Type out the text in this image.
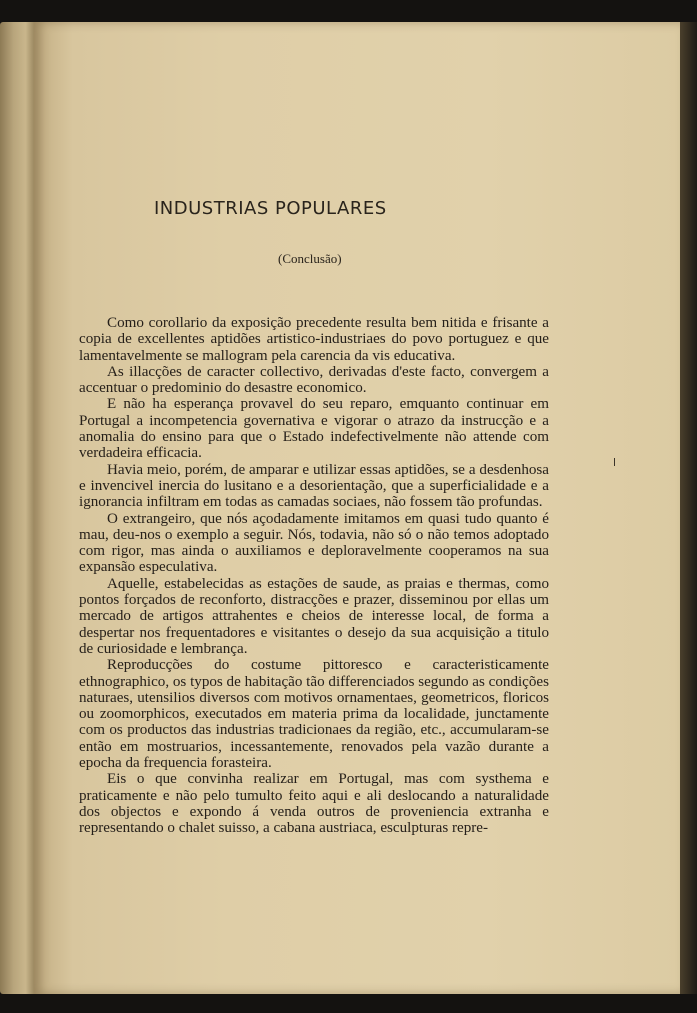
INDUSTRIAS POPULARES
(Conclusão)

Como corollario da exposição precedente resulta bem nitida e frisante a copia de excellentes aptidões artistico-industriaes do povo portuguez e que lamentavelmente se mallogram pela carencia da vis educativa.

As illacções de caracter collectivo, derivadas d'este facto, convergem a accentuar o predominio do desastre economico.

E não ha esperança provavel do seu reparo, emquanto continuar em Portugal a incompetencia governativa e vigorar o atrazo da instrucção e a anomalia do ensino para que o Estado indefectivelmente não attende com verdadeira efficacia.

Havia meio, porém, de amparar e utilizar essas aptidões, se a desdenhosa e invencivel inercia do lusitano e a desorientação, que a superficialidade e a ignorancia infiltram em todas as camadas sociaes, não fossem tão profundas.

O extrangeiro, que nós açodadamente imitamos em quasi tudo quanto é mau, deu-nos o exemplo a seguir. Nós, todavia, não só o não temos adoptado com rigor, mas ainda o auxiliamos e deploravelmente cooperamos na sua expansão especulativa.

Aquelle, estabelecidas as estações de saude, as praias e thermas, como pontos forçados de reconforto, distracções e prazer, disseminou por ellas um mercado de artigos attrahentes e cheios de interesse local, de forma a despertar nos frequentadores e visitantes o desejo da sua acquisição a titulo de curiosidade e lembrança.

Reproducções do costume pittoresco e caracteristicamente ethnographico, os typos de habitação tão differenciados segundo as condições naturaes, utensilios diversos com motivos ornamentaes, geometricos, floricos ou zoomorphicos, executados em materia prima da localidade, junctamente com os productos das industrias tradicionaes da região, etc., accumularam-se então em mostruarios, incessantemente, renovados pela vazão durante a epocha da frequencia forasteira.

Eis o que convinha realizar em Portugal, mas com systhema e praticamente e não pelo tumulto feito aqui e ali deslocando a naturalidade dos objectos e expondo á venda outros de proveniencia extranha e representando o chalet suisso, a cabana austriaca, esculpturas repre-
